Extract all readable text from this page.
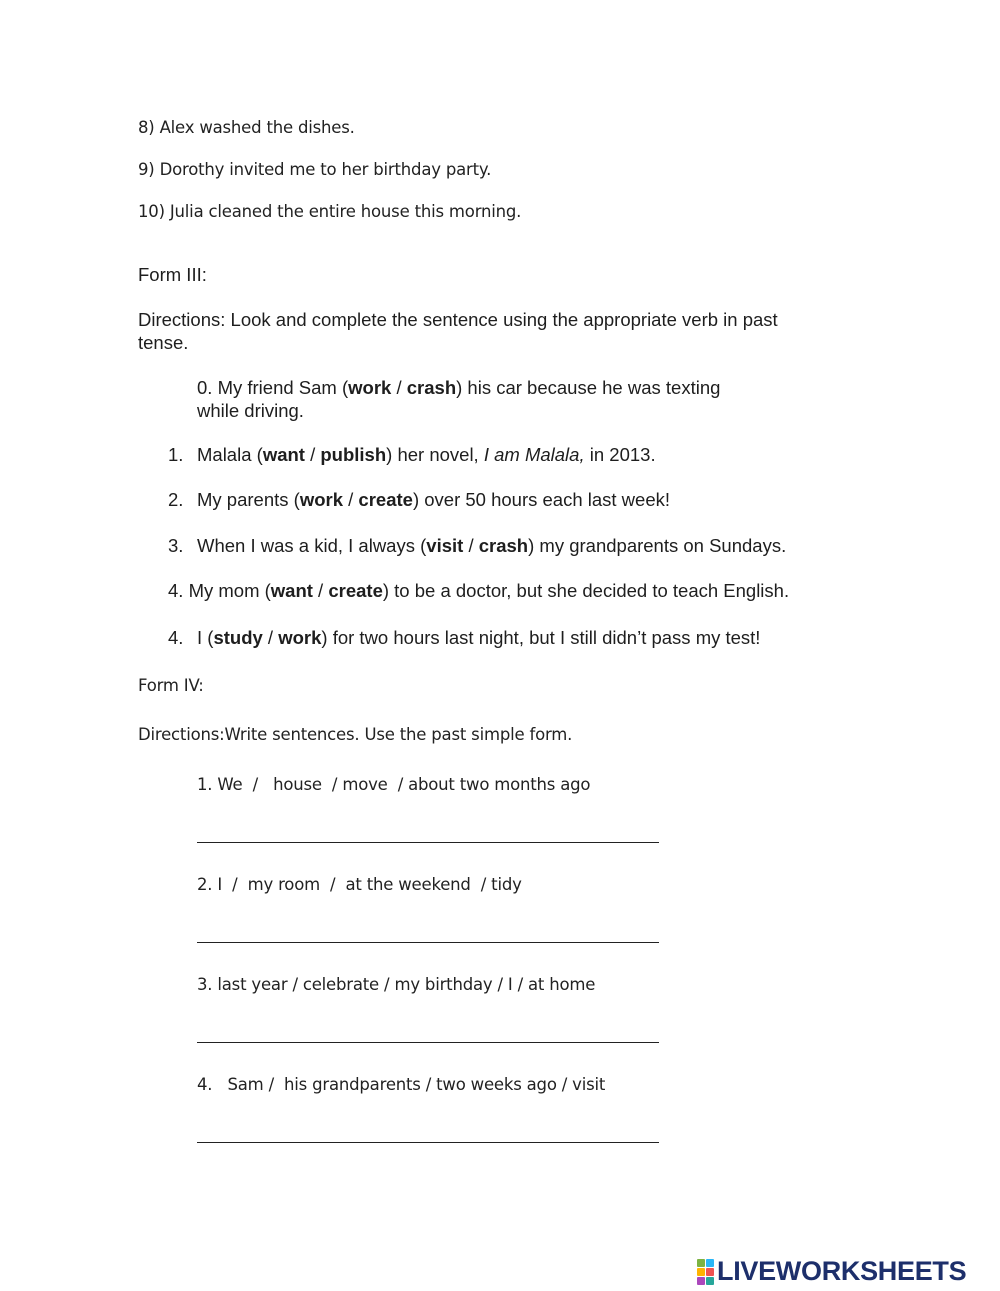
8) Alex washed the dishes.
9) Dorothy invited me to her birthday party.
10) Julia cleaned the entire house this morning.
Form III:
Directions: Look and complete the sentence using the appropriate verb in past
tense.
0. My friend Sam (work / crash) his car because he was texting
while driving.
1. Malala (want / publish) her novel, I am Malala, in 2013.
2. My parents (work / create) over 50 hours each last week!
3. When I was a kid, I always (visit / crash) my grandparents on Sundays.
4. My mom (want / create) to be a doctor, but she decided to teach English.
4. I (study / work) for two hours last night, but I still didn’t pass my test!
Form IV:
Directions:Write sentences. Use the past simple form.
1. We  /   house  / move  / about two months ago
2. I  /  my room  /  at the weekend  / tidy
3. last year / celebrate / my birthday / I / at home
4.   Sam /  his grandparents / two weeks ago / visit
LIVEWORKSHEETS
